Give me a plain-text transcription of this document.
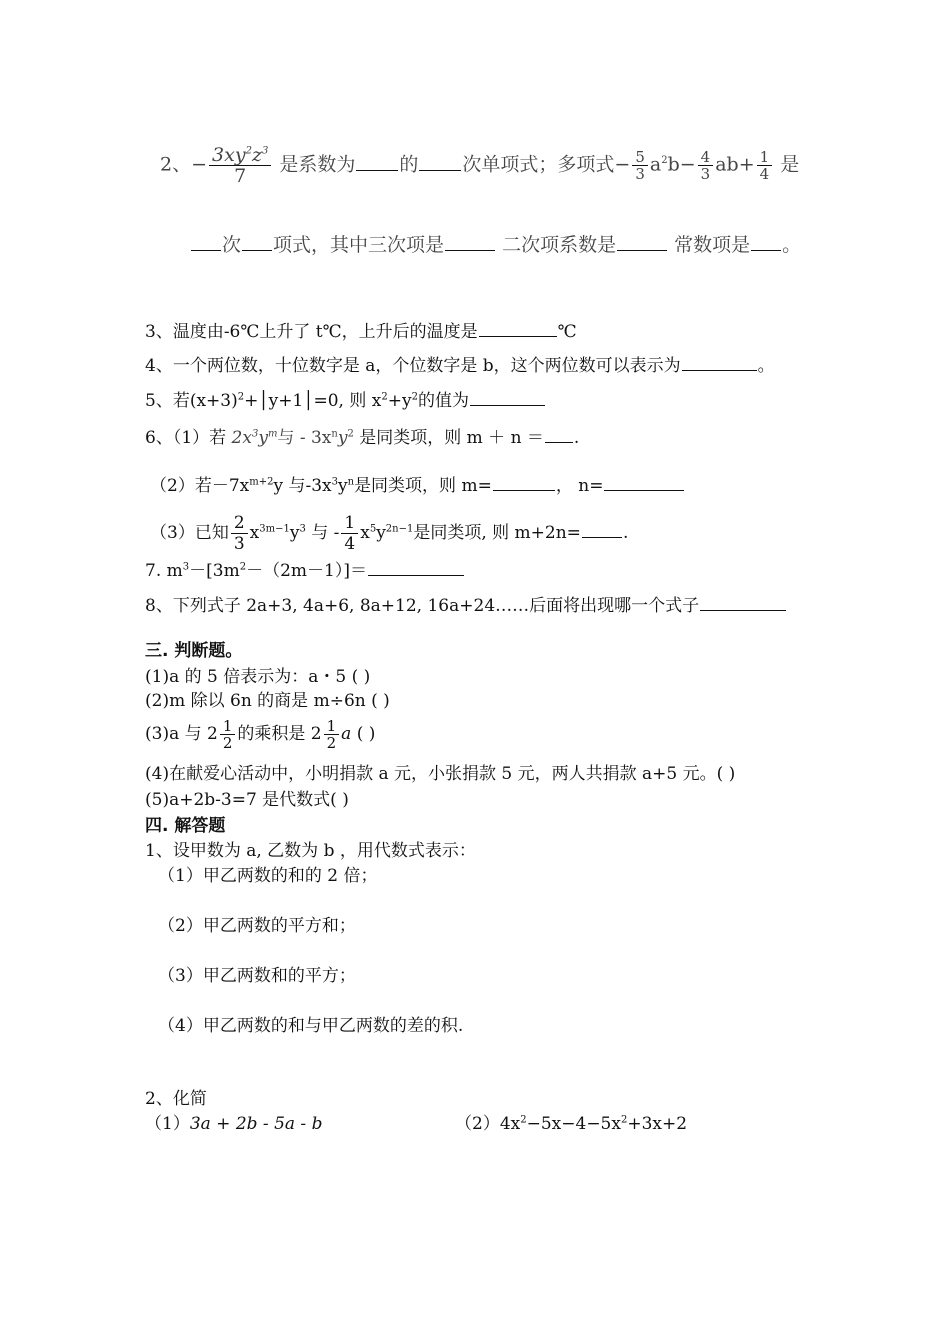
2、− $\frac{3xy^2z^3}{7}$ 是系数为 的 次单项式；多项式− $\frac{5}{3} a^2b- \frac{4}{3} ab+ \frac{1}{4}$ 是
次 项式，其中三次项是	二次项系数是	常数项是 。
3、温度由-6℃上升了 t℃，上升后的温度是	℃
4、一个两位数，十位数字是 a，个位数字是 b，这个两位数可以表示为	。
5、若$(x+3)^2+│y+1│=0$, 则 $x^2+y^2$的值为
6、（1）若 $2x^3y^m$与 - $3x^ny^2$ 是同类项，则 m ＋ n ＝ .
（2）若$-7x^{m+2}y$ 与$-3x^3y^n$是同类项，则 m=	， n=
（3）已知 $\frac{2}{3} x^{3m-1}y^3$ 与 - $\frac{1}{4} x^5y^{2n-1}$是同类项, 则 m+2n= .
7. $m^3-[3m^2-(2m-1)]=$
8、下列式子 2a+3, 4a+6, 8a+12, 16a+24……后面将出现哪一个式子
三. 判断题。
(1)a 的 5 倍表示为：a・5 ( )
(2)m 除以 6n 的商是 m÷6n ( )
(3)a 与 $2 \frac{1}{2}$ 的乘积是 $2 \frac{1}{2}$ a ( )
(4)在献爱心活动中，小明捐款 a 元，小张捐款 5 元，两人共捐款 a+5 元。( )
(5)a+2b-3=7 是代数式( )
四. 解答题
1、设甲数为 a, 乙数为 b ，用代数式表示：
（1）甲乙两数的和的 2 倍；
（2）甲乙两数的平方和；
（3）甲乙两数和的平方；
（4）甲乙两数的和与甲乙两数的差的积.
2、化简
（1）3a + 2b - 5a - b	$(2)4x^2-5x-4-5x^2+3x+2$
